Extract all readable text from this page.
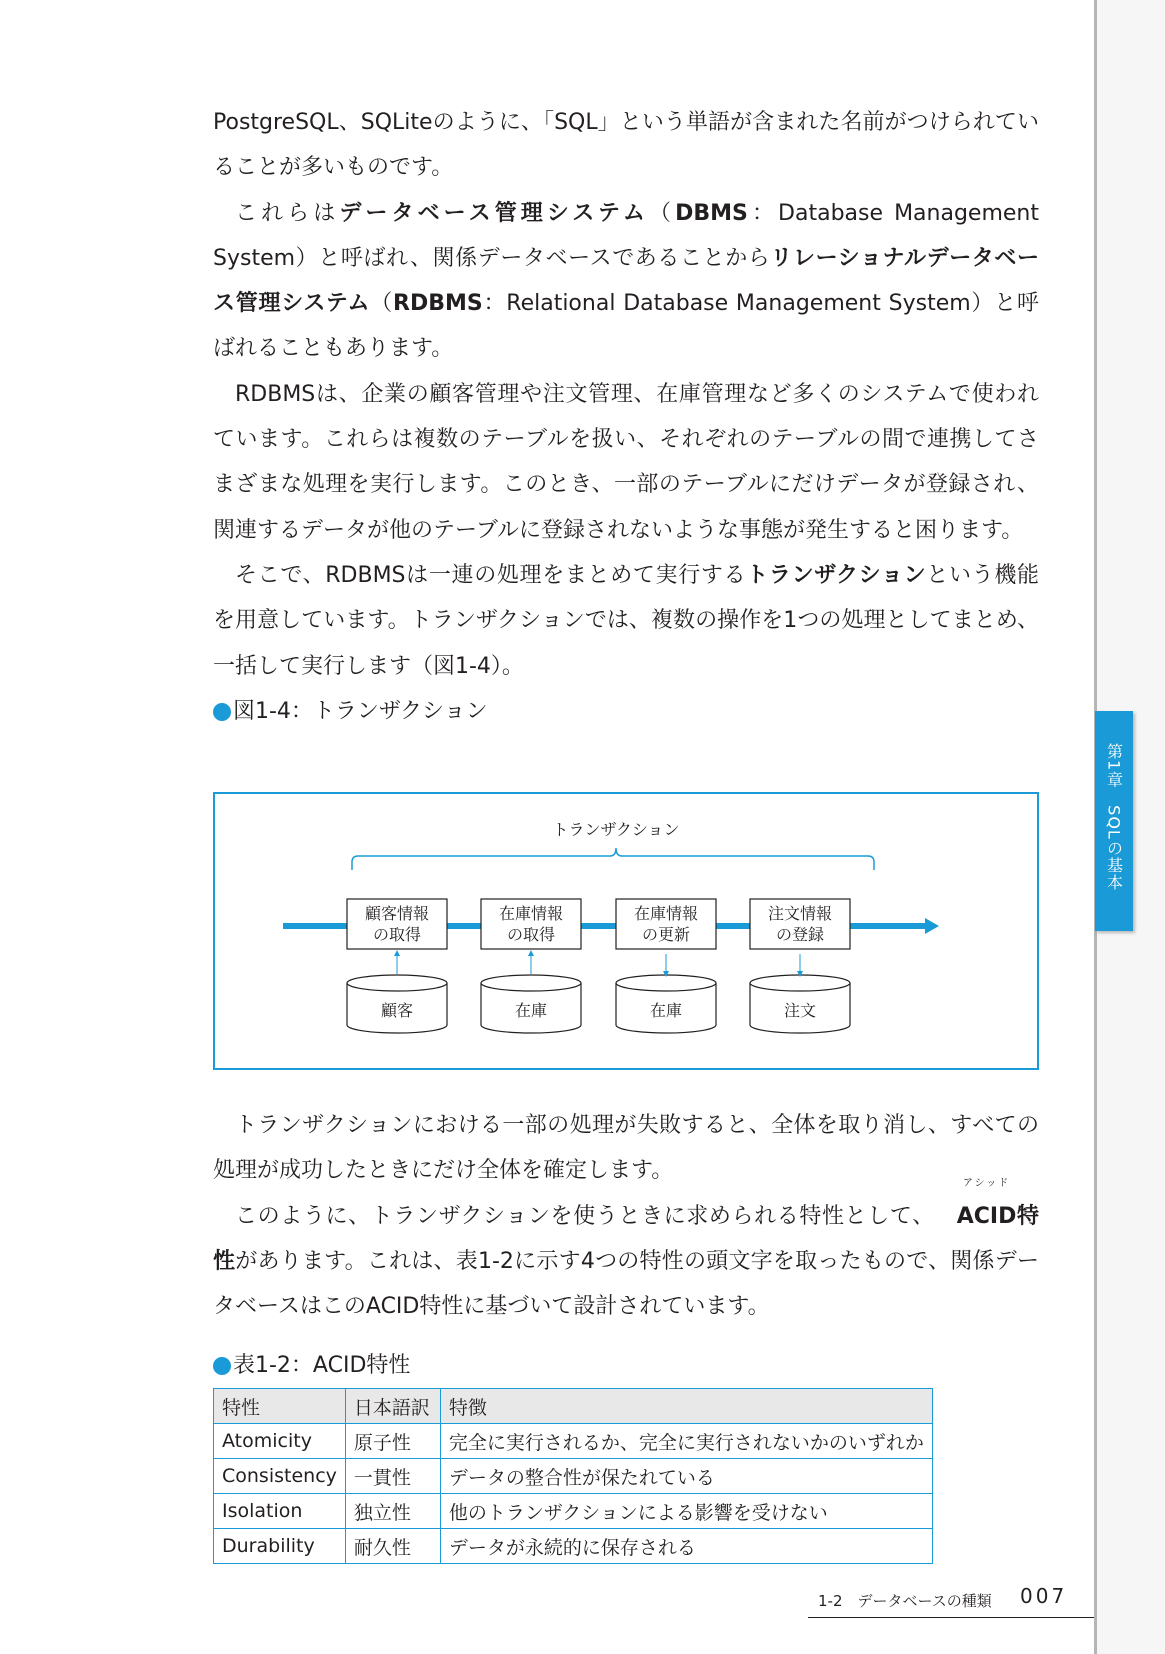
第1章　SQLの基本

PostgreSQL、SQLiteのように、「SQL」という単語が含まれた名前がつけられていることが多いものです。

これらはデータベース管理システム（DBMS：Database Management System）と呼ばれ、関係データベースであることからリレーショナルデータベース管理システム（RDBMS：Relational Database Management System）と呼ばれることもあります。

RDBMSは、企業の顧客管理や注文管理、在庫管理など多くのシステムで使われています。これらは複数のテーブルを扱い、それぞれのテーブルの間で連携してさまざまな処理を実行します。このとき、一部のテーブルにだけデータが登録され、関連するデータが他のテーブルに登録されないような事態が発生すると困ります。

そこで、RDBMSは一連の処理をまとめて実行するトランザクションという機能を用意しています。トランザクションでは、複数の操作を1つの処理としてまとめ、一括して実行します（図1-4）。

図1-4：トランザクション
トランザクション
顧客情報
の取得
顧客
在庫情報
の取得
在庫
在庫情報
の更新
在庫
注文情報
の登録
注文

トランザクションにおける一部の処理が失敗すると、全体を取り消し、すべての処理が成功したときにだけ全体を確定します。

このように、トランザクションを使うときに求められる特性として、
アシッド
ACID特性があります。これは、表1-2に示す4つの特性の頭文字を取ったもので、関係データベースはこのACID特性に基づいて設計されています。

表1-2：ACID特性
特性	日本語訳	特徴
Atomicity	原子性	完全に実行されるか、完全に実行されないかのいずれか
Consistency	一貫性	データの整合性が保たれている
Isolation	独立性	他のトランザクションによる影響を受けない
Durability	耐久性	データが永続的に保存される
1-2　データベースの種類 007
